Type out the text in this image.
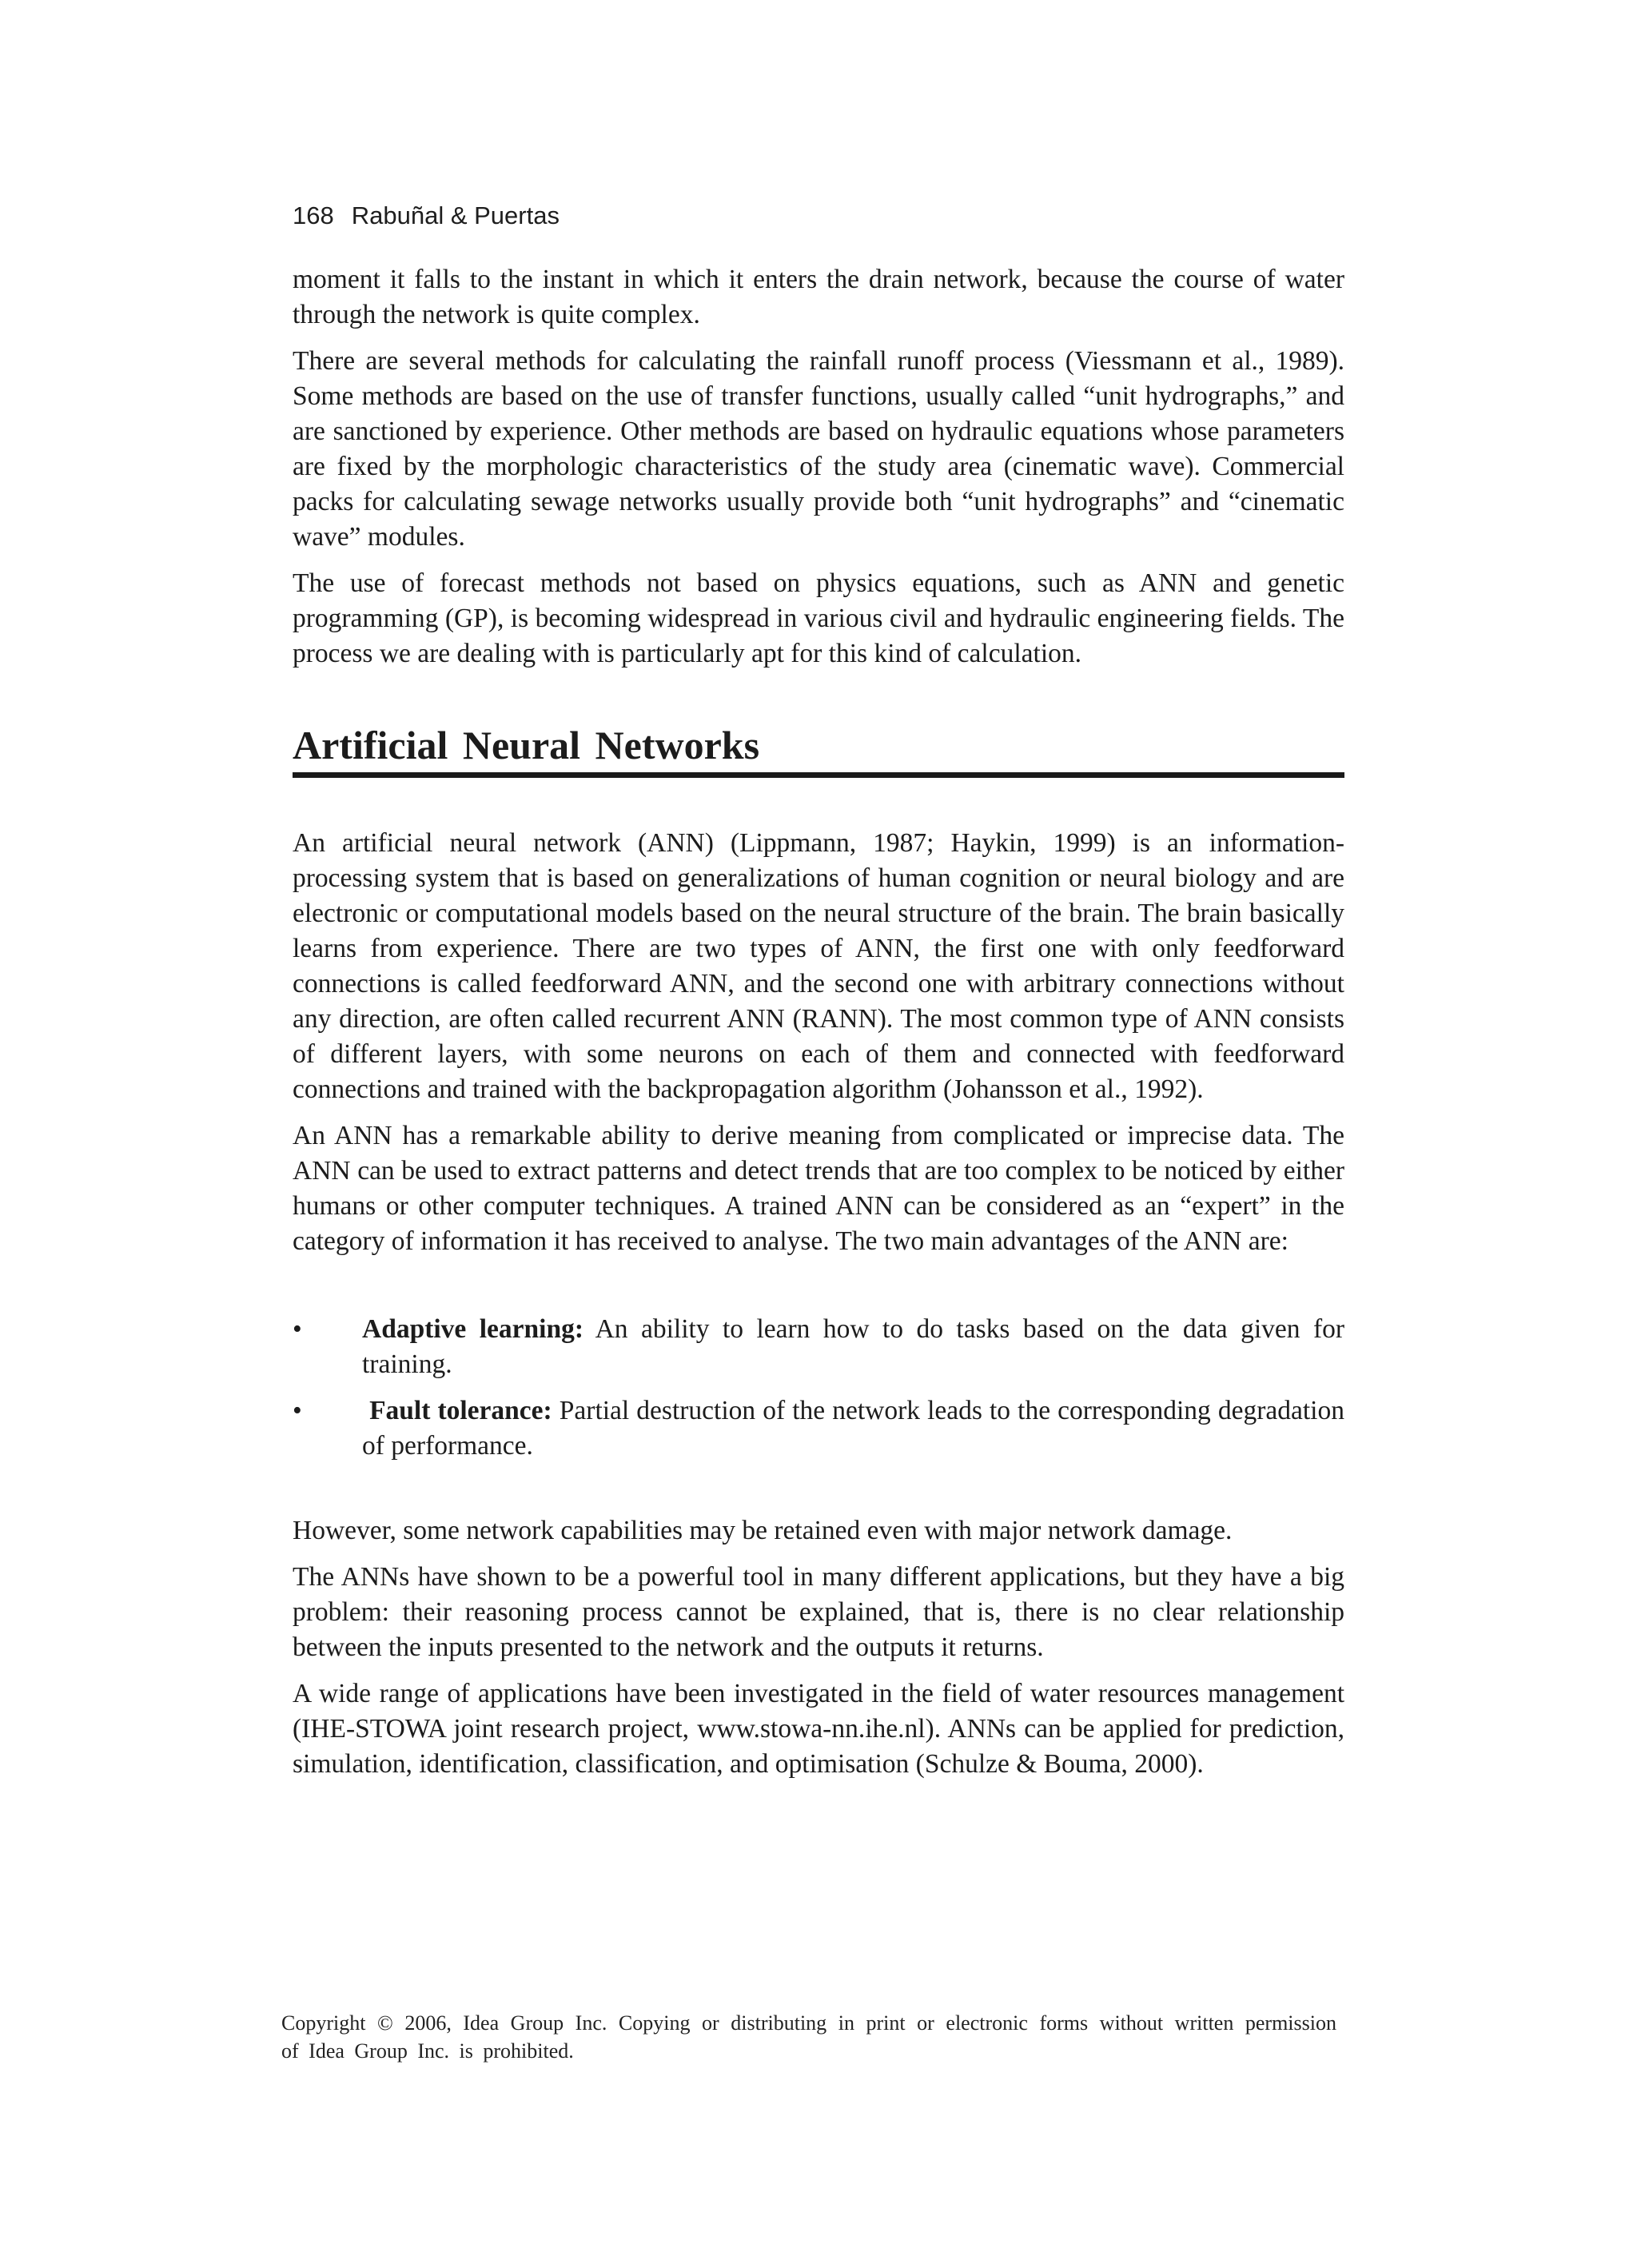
168 Rabuñal & Puertas

moment it falls to the instant in which it enters the drain network, because the course of water through the network is quite complex.

There are several methods for calculating the rainfall runoff process (Viessmann et al., 1989). Some methods are based on the use of transfer functions, usually called “unit hydrographs,” and are sanctioned by experience. Other methods are based on hydraulic equations whose parameters are fixed by the morphologic characteristics of the study area (cinematic wave). Commercial packs for calculating sewage networks usually provide both “unit hydrographs” and “cinematic wave” modules.

The use of forecast methods not based on physics equations, such as ANN and genetic programming (GP), is becoming widespread in various civil and hydraulic engineering fields. The process we are dealing with is particularly apt for this kind of calculation.

Artificial Neural Networks

An artificial neural network (ANN) (Lippmann, 1987; Haykin, 1999) is an information-processing system that is based on generalizations of human cognition or neural biology and are electronic or computational models based on the neural structure of the brain. The brain basically learns from experience. There are two types of ANN, the first one with only feedforward connections is called feedforward ANN, and the second one with arbitrary connections without any direction, are often called recurrent ANN (RANN). The most common type of ANN consists of different layers, with some neurons on each of them and connected with feedforward connections and trained with the backpropagation algorithm (Johansson et al., 1992).

An ANN has a remarkable ability to derive meaning from complicated or imprecise data. The ANN can be used to extract patterns and detect trends that are too complex to be noticed by either humans or other computer techniques. A trained ANN can be considered as an “expert” in the category of information it has received to analyse. The two main advantages of the ANN are:

• Adaptive learning: An ability to learn how to do tasks based on the data given for training.
• Fault tolerance: Partial destruction of the network leads to the corresponding degradation of performance.

However, some network capabilities may be retained even with major network damage.

The ANNs have shown to be a powerful tool in many different applications, but they have a big problem: their reasoning process cannot be explained, that is, there is no clear relationship between the inputs presented to the network and the outputs it returns.

A wide range of applications have been investigated in the field of water resources management (IHE-STOWA joint research project, www.stowa-nn.ihe.nl). ANNs can be applied for prediction, simulation, identification, classification, and optimisation (Schulze & Bouma, 2000).

Copyright © 2006, Idea Group Inc. Copying or distributing in print or electronic forms without written permission of Idea Group Inc. is prohibited.
